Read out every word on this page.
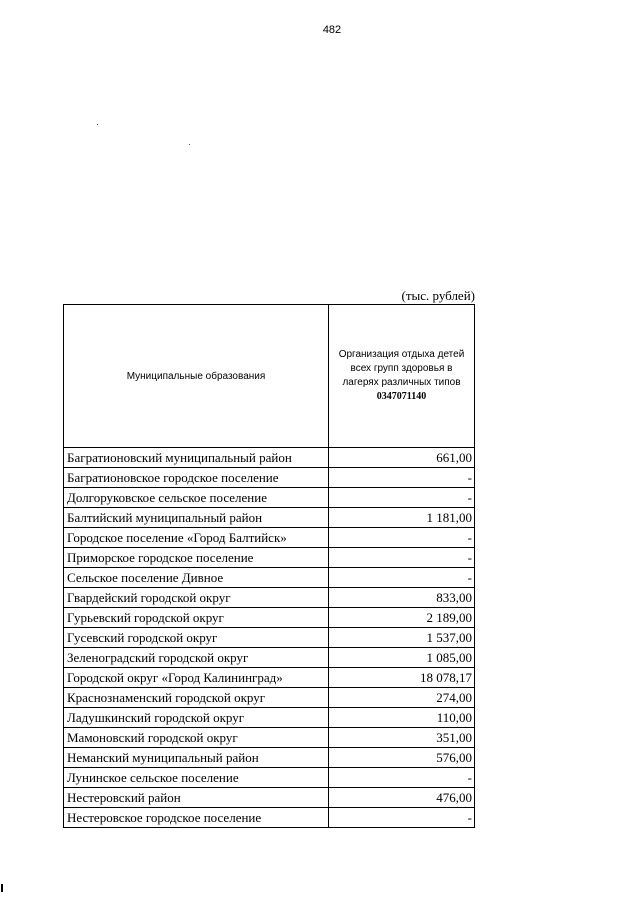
482
(тыс. рублей)
Муниципальные образования	Организация отдыха детей всех групп здоровья в лагерях различных типов
0347071140

Багратионовский муниципальный район	661,00
Багратионовское городское поселение	-
Долгоруковское сельское поселение	-
Балтийский муниципальный район	1 181,00
Городское поселение «Город Балтийск»	-
Приморское городское поселение	-
Сельское поселение Дивное	-
Гвардейский городской округ	833,00
Гурьевский городской округ	2 189,00
Гусевский городской округ	1 537,00
Зеленоградский городской округ	1 085,00
Городской округ «Город Калининград»	18 078,17
Краснознаменский городской округ	274,00
Ладушкинский городской округ	110,00
Мамоновский городской округ	351,00
Неманский муниципальный район	576,00
Лунинское сельское поселение	-
Нестеровский район	476,00
Нестеровское городское поселение	-
